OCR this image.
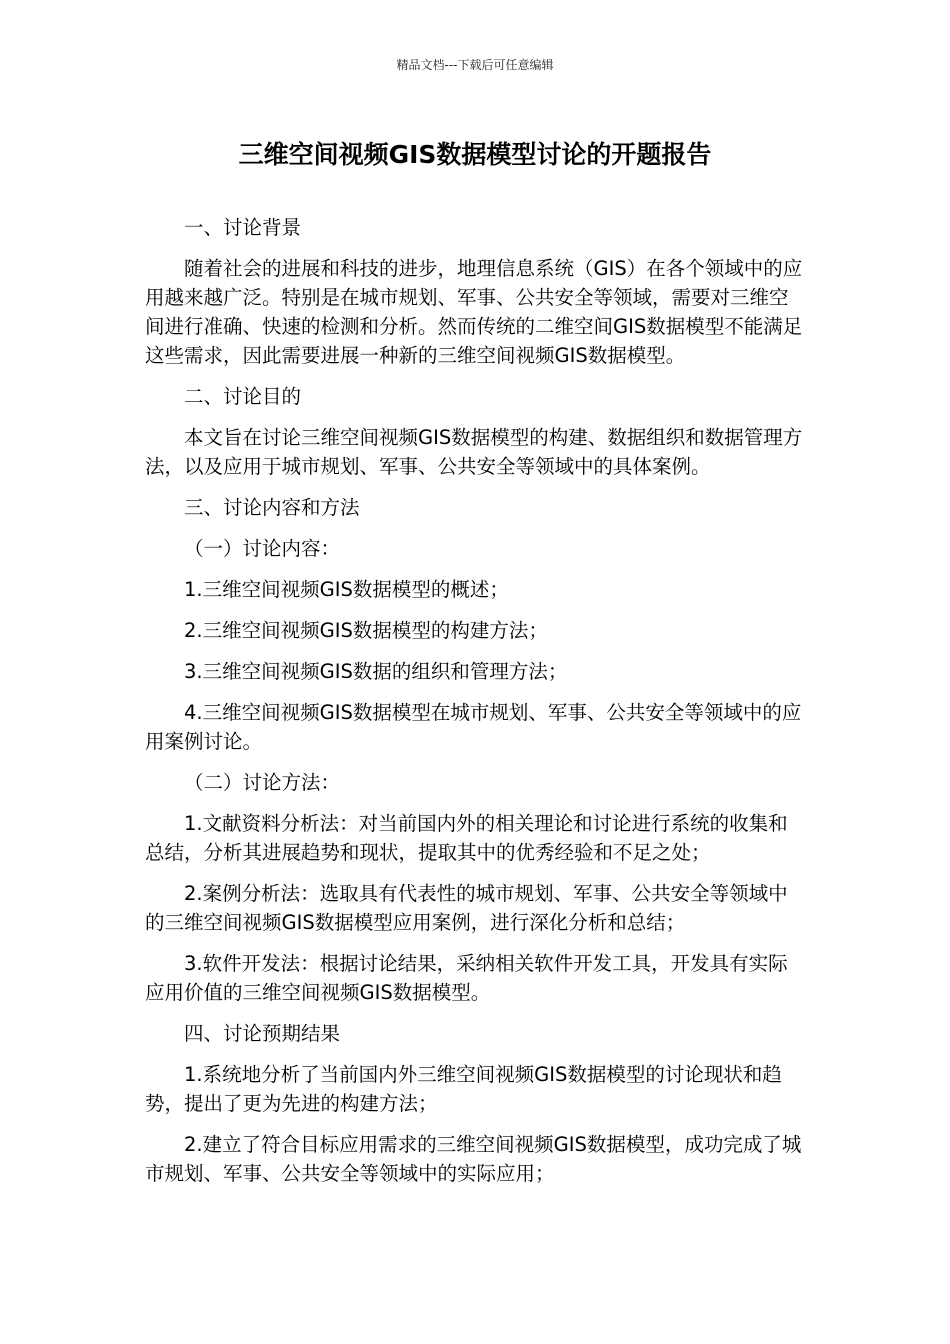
精品文档---下载后可任意编辑
三维空间视频GIS数据模型讨论的开题报告

一、讨论背景

随着社会的进展和科技的进步，地理信息系统（GIS）在各个领域中的应用越来越广泛。特别是在城市规划、军事、公共安全等领域，需要对三维空间进行准确、快速的检测和分析。然而传统的二维空间GIS数据模型不能满足这些需求，因此需要进展一种新的三维空间视频GIS数据模型。

二、讨论目的

本文旨在讨论三维空间视频GIS数据模型的构建、数据组织和数据管理方法，以及应用于城市规划、军事、公共安全等领域中的具体案例。

三、讨论内容和方法

（一）讨论内容：

1.三维空间视频GIS数据模型的概述；

2.三维空间视频GIS数据模型的构建方法；

3.三维空间视频GIS数据的组织和管理方法；

4.三维空间视频GIS数据模型在城市规划、军事、公共安全等领域中的应用案例讨论。

（二）讨论方法：

1.文献资料分析法：对当前国内外的相关理论和讨论进行系统的收集和总结，分析其进展趋势和现状，提取其中的优秀经验和不足之处；

2.案例分析法：选取具有代表性的城市规划、军事、公共安全等领域中的三维空间视频GIS数据模型应用案例，进行深化分析和总结；

3.软件开发法：根据讨论结果，采纳相关软件开发工具，开发具有实际应用价值的三维空间视频GIS数据模型。

四、讨论预期结果

1.系统地分析了当前国内外三维空间视频GIS数据模型的讨论现状和趋势，提出了更为先进的构建方法；

2.建立了符合目标应用需求的三维空间视频GIS数据模型，成功完成了城市规划、军事、公共安全等领域中的实际应用；
